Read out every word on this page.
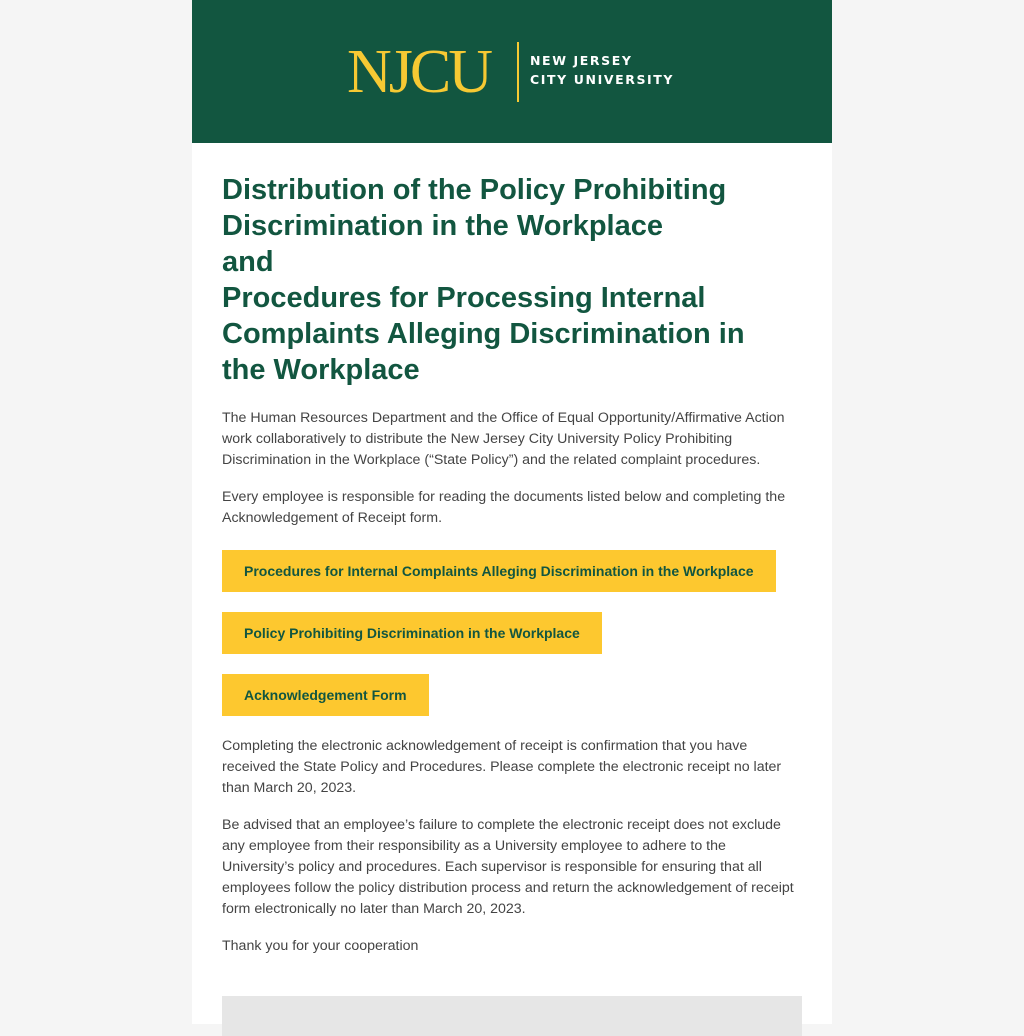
NJCU	NEW JERSEY
CITY UNIVERSITY
Distribution of the Policy Prohibiting
Discrimination in the Workplace
and
Procedures for Processing Internal
Complaints Alleging Discrimination in
the Workplace

The Human Resources Department and the Office of Equal Opportunity/Affirmative Action work collaboratively to distribute the New Jersey City University Policy Prohibiting Discrimination in the Workplace (“State Policy”) and the related complaint procedures.

Every employee is responsible for reading the documents listed below and completing the Acknowledgement of Receipt form.

Procedures for Internal Complaints Alleging Discrimination in the Workplace
Policy Prohibiting Discrimination in the Workplace
Acknowledgement Form

Completing the electronic acknowledgement of receipt is confirmation that you have received the State Policy and Procedures. Please complete the electronic receipt no later than March 20, 2023.

Be advised that an employee’s failure to complete the electronic receipt does not exclude any employee from their responsibility as a University employee to adhere to the University’s policy and procedures. Each supervisor is responsible for ensuring that all employees follow the policy distribution process and return the acknowledgement of receipt form electronically no later than March 20, 2023.

Thank you for your cooperation
